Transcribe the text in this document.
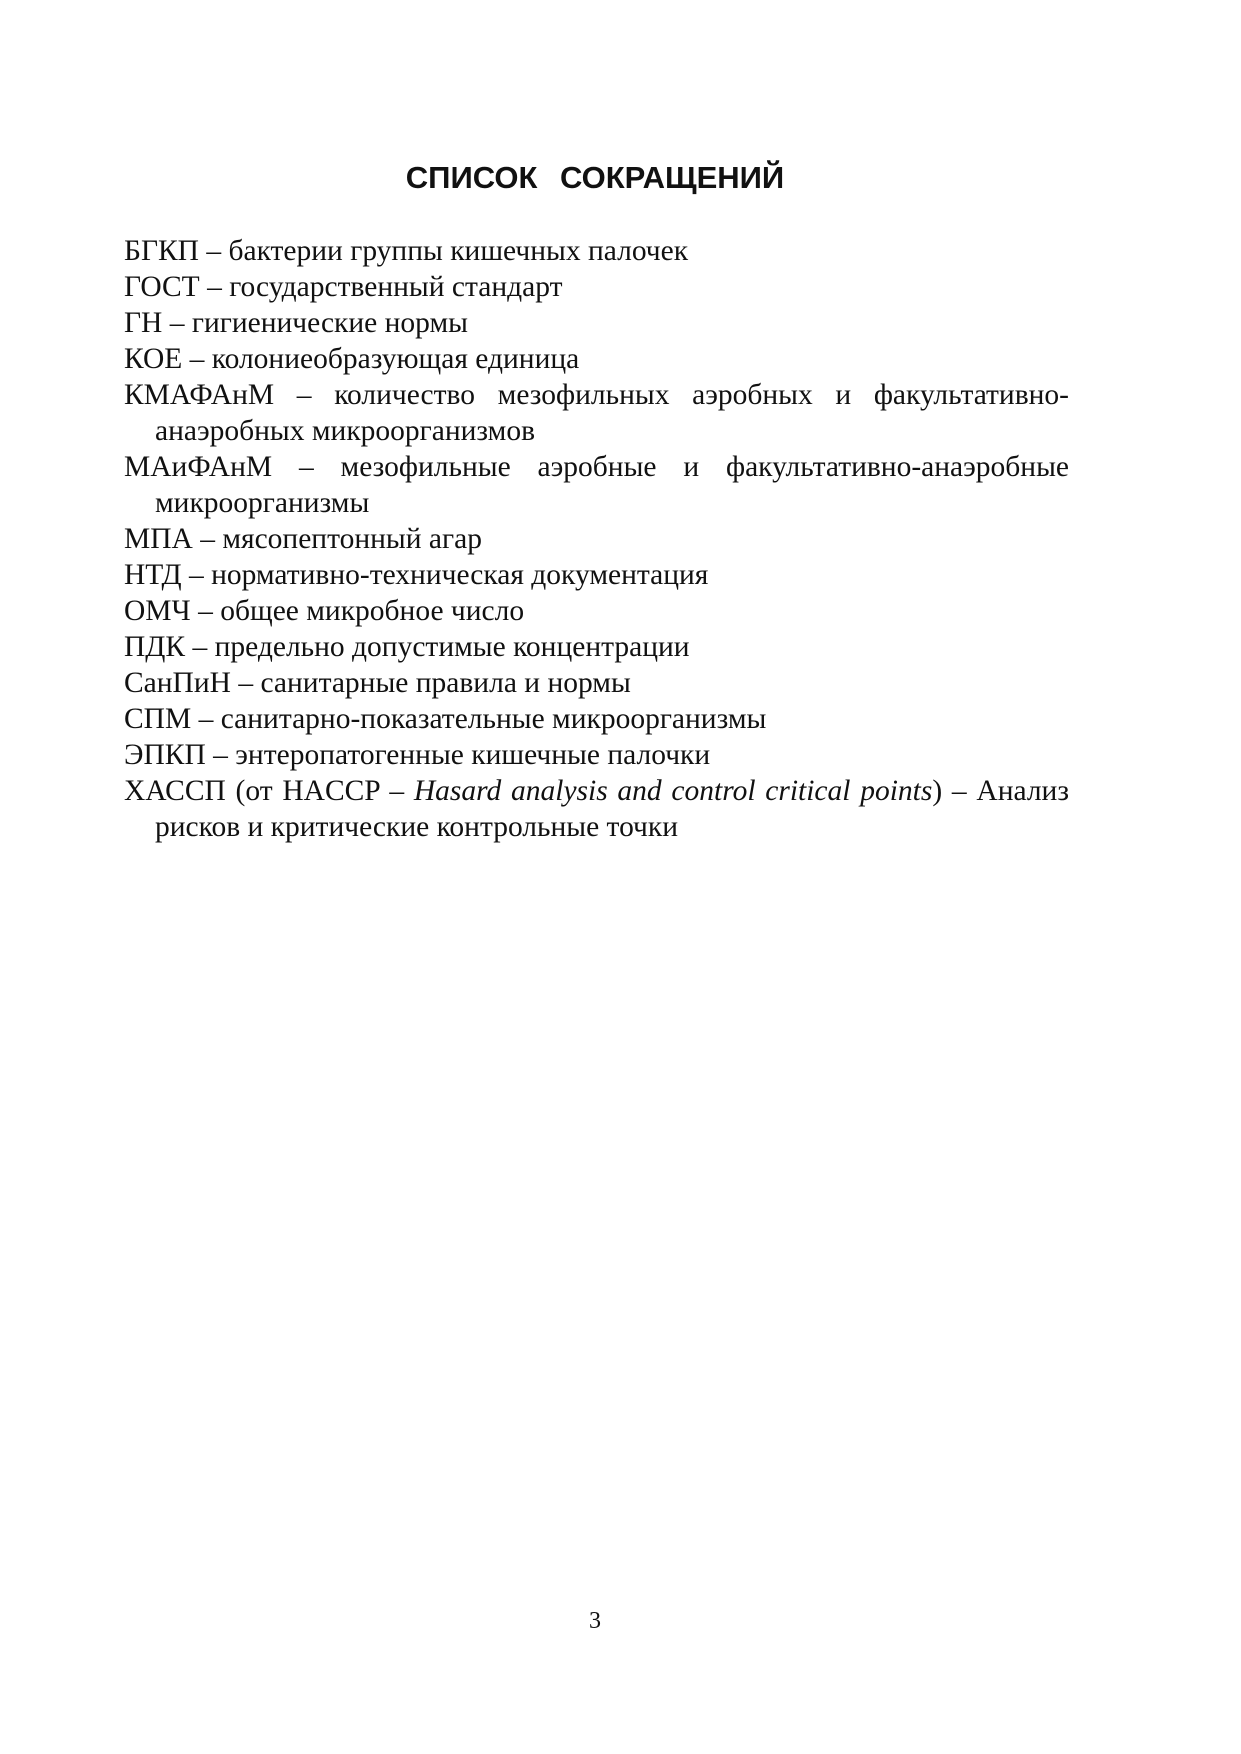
СПИСОК СОКРАЩЕНИЙ
БГКП – бактерии группы кишечных палочек
ГОСТ – государственный стандарт
ГН – гигиенические нормы
КОЕ – колониеобразующая единица
КМАФАнМ – количество мезофильных аэробных и факультативно-анаэробных микроорганизмов
МАиФАнМ – мезофильные аэробные и факультативно-анаэробные микроорганизмы
МПА – мясопептонный агар
НТД – нормативно-техническая документация
ОМЧ – общее микробное число
ПДК – предельно допустимые концентрации
СанПиН – санитарные правила и нормы
СПМ – санитарно-показательные микроорганизмы
ЭПКП – энтеропатогенные кишечные палочки
ХАССП (от HACCP – Hasard analysis and control critical points) – Анализ рисков и критические контрольные точки
3
